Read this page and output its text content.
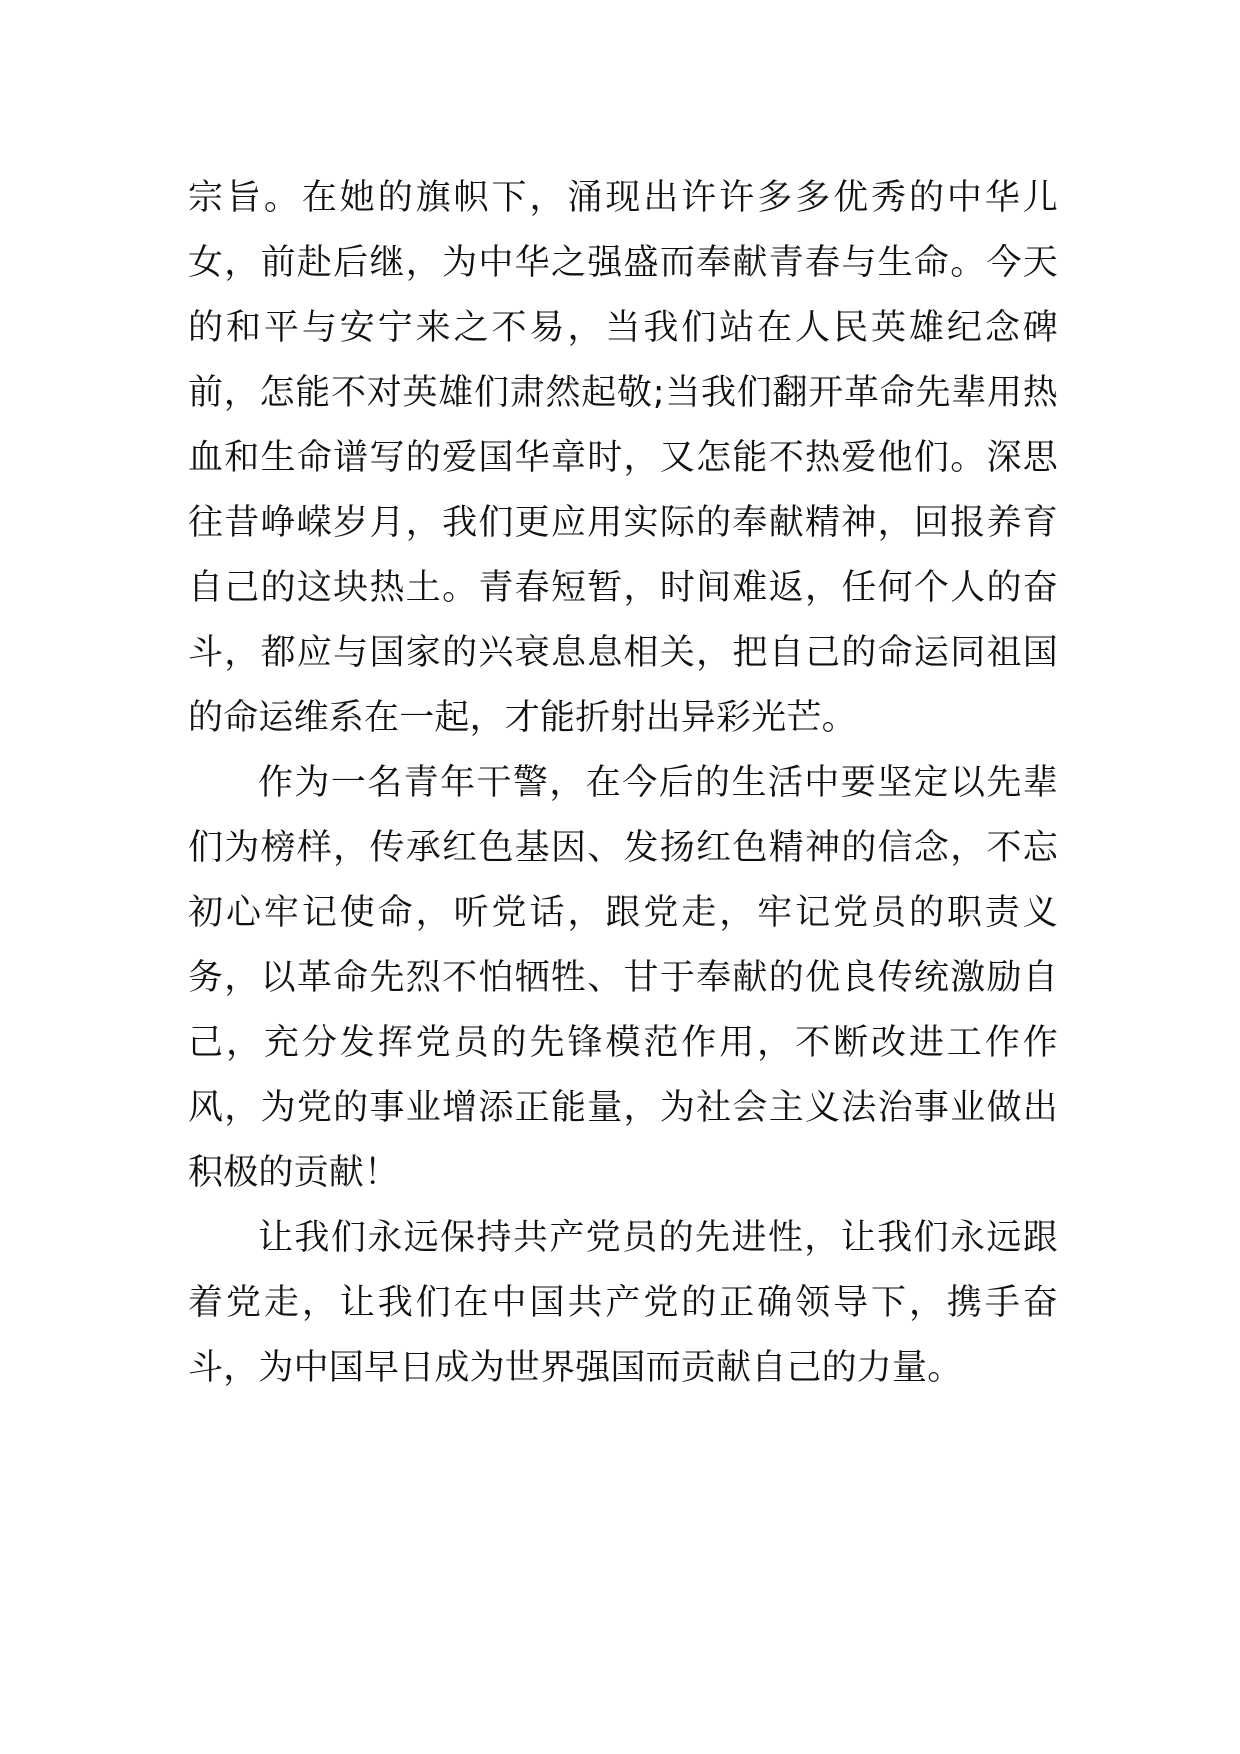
宗旨。在她的旗帜下，涌现出许许多多优秀的中华儿女，前赴后继，为中华之强盛而奉献青春与生命。今天的和平与安宁来之不易，当我们站在人民英雄纪念碑前，怎能不对英雄们肃然起敬;当我们翻开革命先辈用热血和生命谱写的爱国华章时，又怎能不热爱他们。深思往昔峥嵘岁月，我们更应用实际的奉献精神，回报养育自己的这块热土。青春短暂，时间难返，任何个人的奋斗，都应与国家的兴衰息息相关，把自己的命运同祖国的命运维系在一起，才能折射出异彩光芒。

作为一名青年干警，在今后的生活中要坚定以先辈们为榜样，传承红色基因、发扬红色精神的信念，不忘初心牢记使命，听党话，跟党走，牢记党员的职责义务，以革命先烈不怕牺牲、甘于奉献的优良传统激励自己，充分发挥党员的先锋模范作用，不断改进工作作风，为党的事业增添正能量，为社会主义法治事业做出积极的贡献！

让我们永远保持共产党员的先进性，让我们永远跟着党走，让我们在中国共产党的正确领导下，携手奋斗，为中国早日成为世界强国而贡献自己的力量。
